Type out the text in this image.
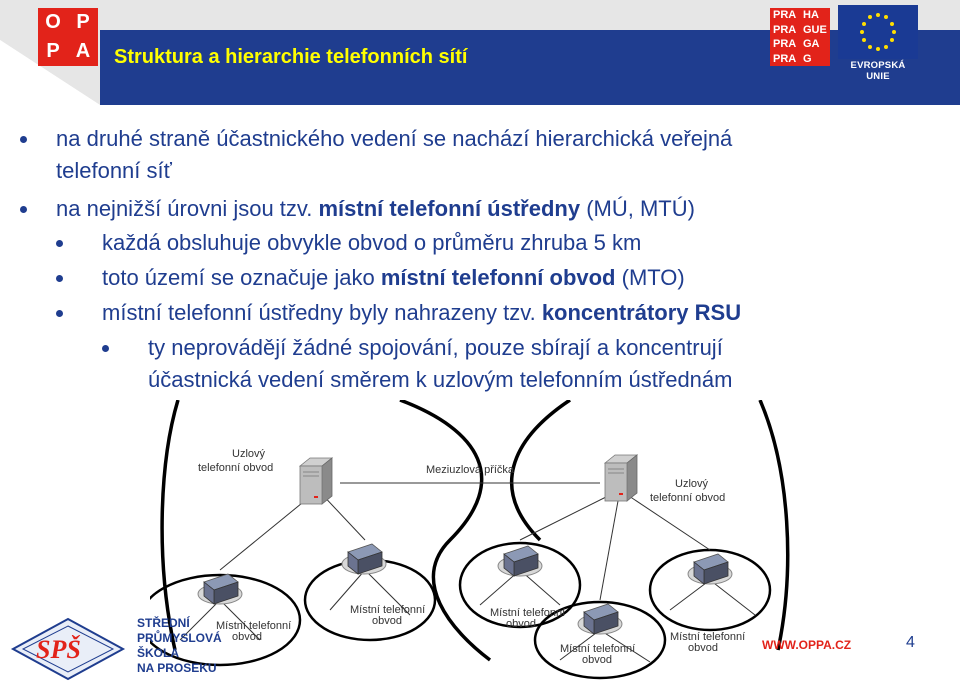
O P
P A	Struktura a hierarchie telefonních sítí
PRA HA
PRA GUE
PRA GA
PRA G
EVROPSKÁ UNIE
na druhé straně účastnického vedení se nachází hierarchická veřejná
telefonní síť
na nejnižší úrovni jsou tzv. místní telefonní ústředny (MÚ, MTÚ)
každá obsluhuje obvykle obvod o průměru zhruba 5 km
toto území se označuje jako místní telefonní obvod (MTO)
místní telefonní ústředny byly nahrazeny tzv. koncentrátory RSU
ty neprovádějí žádné spojování, pouze sbírají a koncentrují
účastnická vedení směrem k uzlovým telefonním ústřednám
Uzlový
telefonní obvod	Meziuzlová příčka
Uzlový
telefonní obvod
Místní telefonní
obvod
Místní telefonní
obvod
Místní telefonní
obvod
Místní telefonní
obvod
Místní telefonní
obvod
SPŠ
STŘEDNÍ
PRŮMYSLOVÁ
ŠKOLA
NA PROSEKU
WWW.OPPA.CZ	4
